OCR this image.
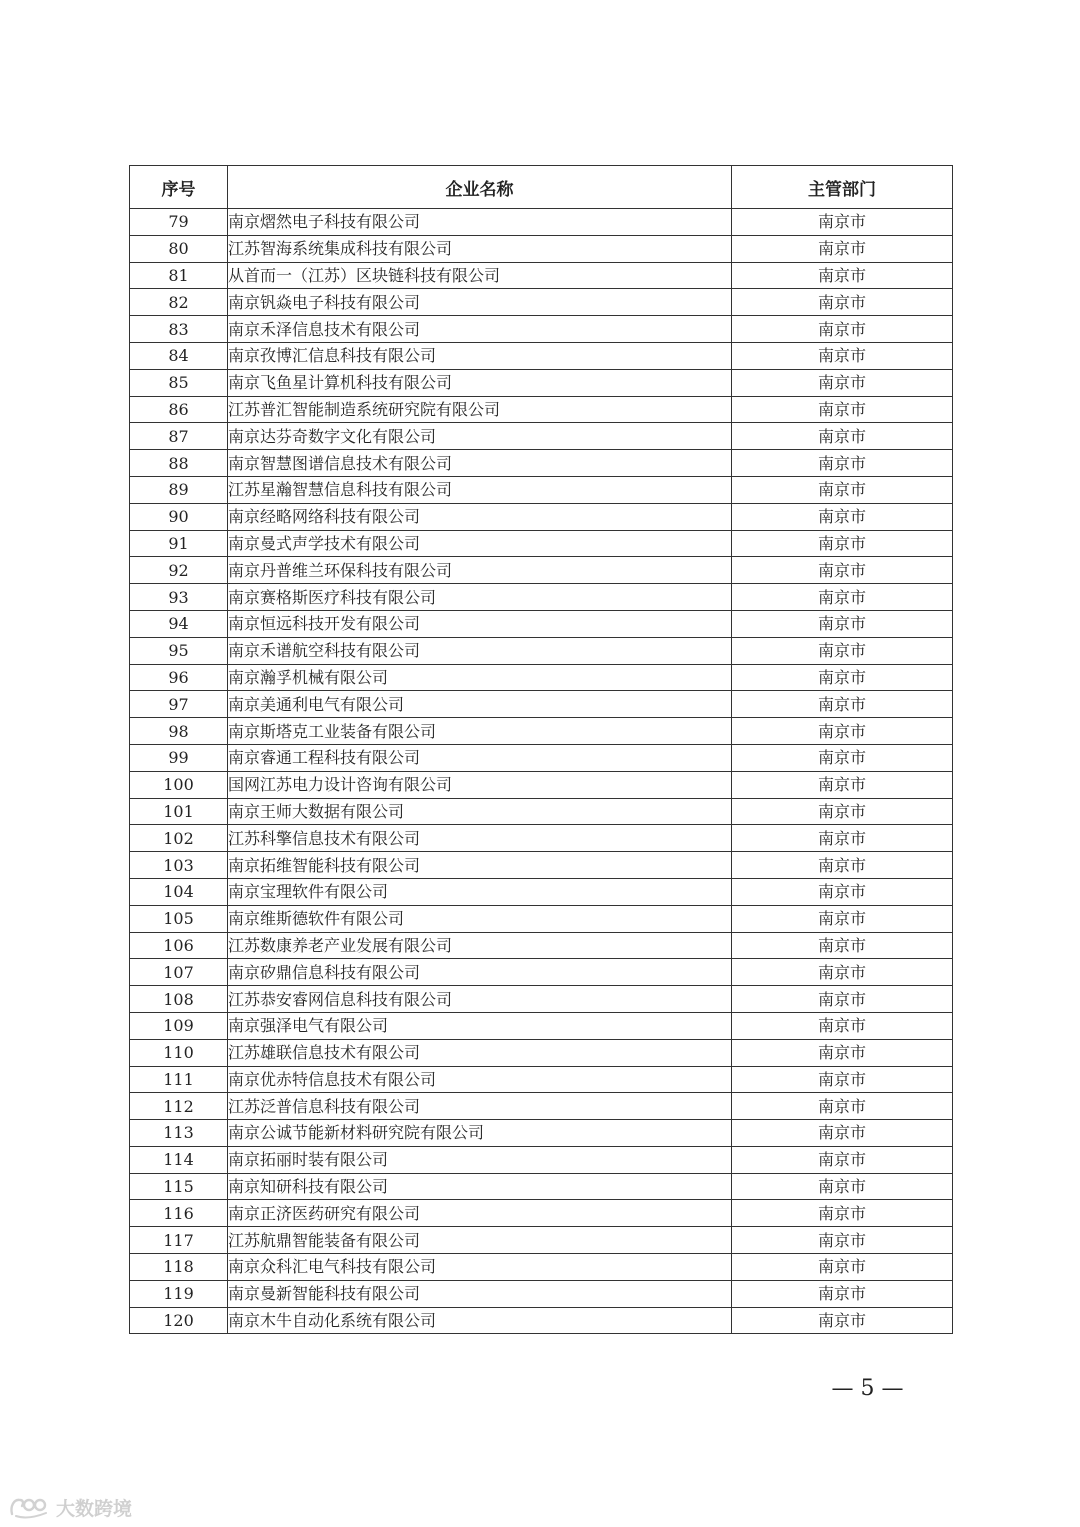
序号	企业名称	主管部门
79	南京熠然电子科技有限公司	南京市
80	江苏智海系统集成科技有限公司	南京市
81	从首而一（江苏）区块链科技有限公司	南京市
82	南京钒焱电子科技有限公司	南京市
83	南京禾泽信息技术有限公司	南京市
84	南京孜博汇信息科技有限公司	南京市
85	南京飞鱼星计算机科技有限公司	南京市
86	江苏普汇智能制造系统研究院有限公司	南京市
87	南京达芬奇数字文化有限公司	南京市
88	南京智慧图谱信息技术有限公司	南京市
89	江苏星瀚智慧信息科技有限公司	南京市
90	南京经略网络科技有限公司	南京市
91	南京曼式声学技术有限公司	南京市
92	南京丹普维兰环保科技有限公司	南京市
93	南京赛格斯医疗科技有限公司	南京市
94	南京恒远科技开发有限公司	南京市
95	南京禾谱航空科技有限公司	南京市
96	南京瀚孚机械有限公司	南京市
97	南京美通利电气有限公司	南京市
98	南京斯塔克工业装备有限公司	南京市
99	南京睿通工程科技有限公司	南京市
100	国网江苏电力设计咨询有限公司	南京市
101	南京王师大数据有限公司	南京市
102	江苏科擎信息技术有限公司	南京市
103	南京拓维智能科技有限公司	南京市
104	南京宝理软件有限公司	南京市
105	南京维斯德软件有限公司	南京市
106	江苏数康养老产业发展有限公司	南京市
107	南京矽鼎信息科技有限公司	南京市
108	江苏恭安睿网信息科技有限公司	南京市
109	南京强泽电气有限公司	南京市
110	江苏雄联信息技术有限公司	南京市
111	南京优赤特信息技术有限公司	南京市
112	江苏泛普信息科技有限公司	南京市
113	南京公诚节能新材料研究院有限公司	南京市
114	南京拓丽时装有限公司	南京市
115	南京知研科技有限公司	南京市
116	南京正济医药研究有限公司	南京市
117	江苏航鼎智能装备有限公司	南京市
118	南京众科汇电气科技有限公司	南京市
119	南京曼新智能科技有限公司	南京市
120	南京木牛自动化系统有限公司	南京市
— 5 —
大数跨境
